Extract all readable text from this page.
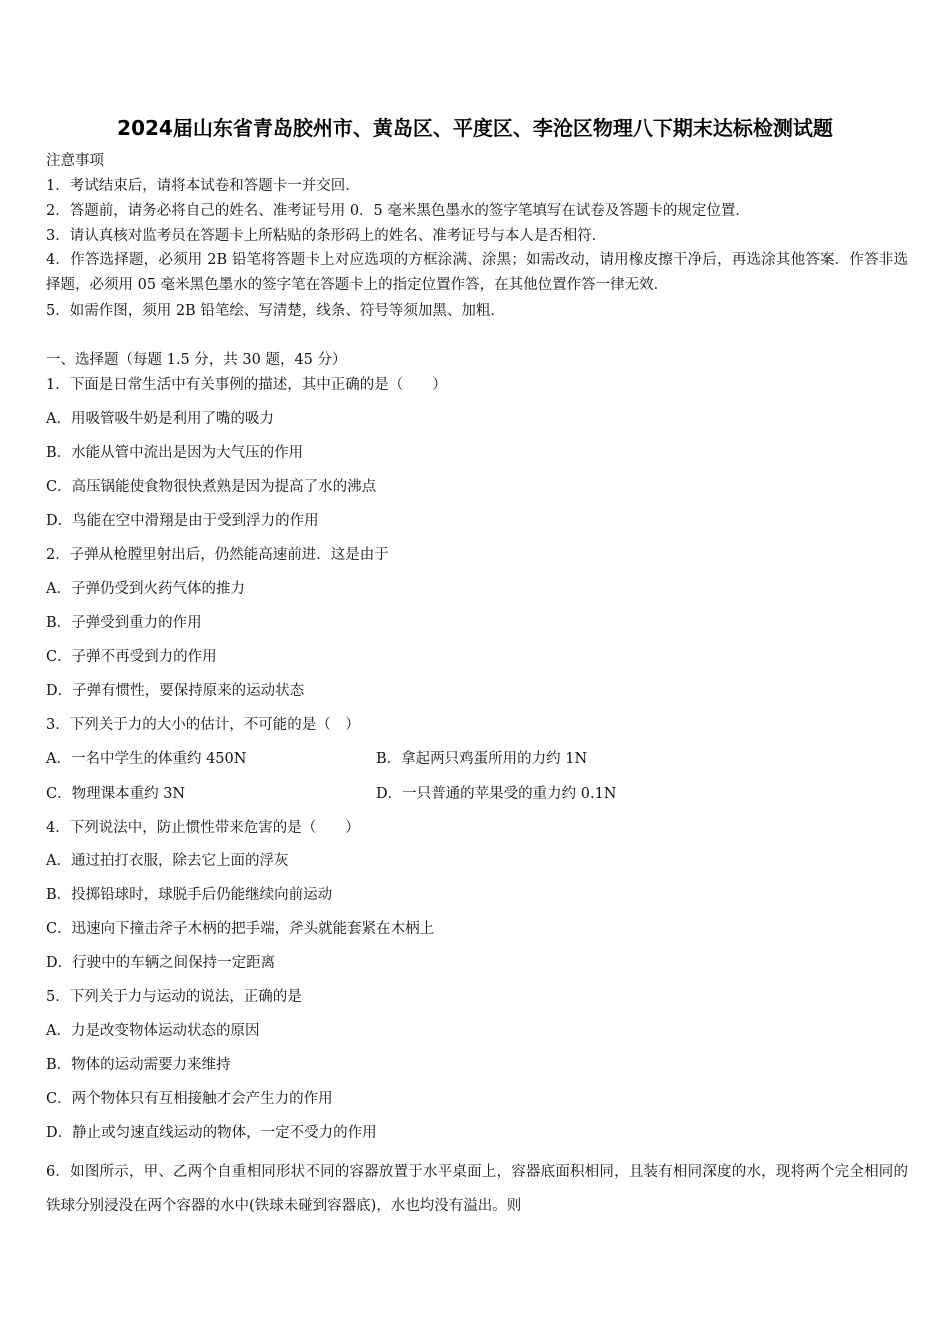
2024届山东省青岛胶州市、黄岛区、平度区、李沧区物理八下期末达标检测试题
注意事项
1．考试结束后，请将本试卷和答题卡一并交回．
2．答题前，请务必将自己的姓名、准考证号用 0．5 毫米黑色墨水的签字笔填写在试卷及答题卡的规定位置．
3．请认真核对监考员在答题卡上所粘贴的条形码上的姓名、准考证号与本人是否相符．
4．作答选择题，必须用 2B 铅笔将答题卡上对应选项的方框涂满、涂黑；如需改动，请用橡皮擦干净后，再选涂其他答案．作答非选择题，必须用 05 毫米黑色墨水的签字笔在答题卡上的指定位置作答，在其他位置作答一律无效．
5．如需作图，须用 2B 铅笔绘、写清楚，线条、符号等须加黑、加粗．
一、选择题（每题 1.5 分，共 30 题，45 分）
1．下面是日常生活中有关事例的描述，其中正确的是（　　）
A．用吸管吸牛奶是利用了嘴的吸力
B．水能从管中流出是因为大气压的作用
C．高压锅能使食物很快煮熟是因为提高了水的沸点
D．鸟能在空中滑翔是由于受到浮力的作用
2．子弹从枪膛里射出后，仍然能高速前进．这是由于
A．子弹仍受到火药气体的推力
B．子弹受到重力的作用
C．子弹不再受到力的作用
D．子弹有惯性，要保持原来的运动状态
3．下列关于力的大小的估计，不可能的是（　）
A．一名中学生的体重约 450N	B．拿起两只鸡蛋所用的力约 1N
C．物理课本重约 3N	D．一只普通的苹果受的重力约 0.1N
4．下列说法中，防止惯性带来危害的是（　　）
A．通过拍打衣服，除去它上面的浮灰
B．投掷铅球时，球脱手后仍能继续向前运动
C．迅速向下撞击斧子木柄的把手端，斧头就能套紧在木柄上
D．行驶中的车辆之间保持一定距离
5．下列关于力与运动的说法，正确的是
A．力是改变物体运动状态的原因
B．物体的运动需要力来维持
C．两个物体只有互相接触才会产生力的作用
D．静止或匀速直线运动的物体，一定不受力的作用
6．如图所示，甲、乙两个自重相同形状不同的容器放置于水平桌面上，容器底面积相同，且装有相同深度的水，现将两个完全相同的铁球分别浸没在两个容器的水中(铁球未碰到容器底)，水也均没有溢出。则
